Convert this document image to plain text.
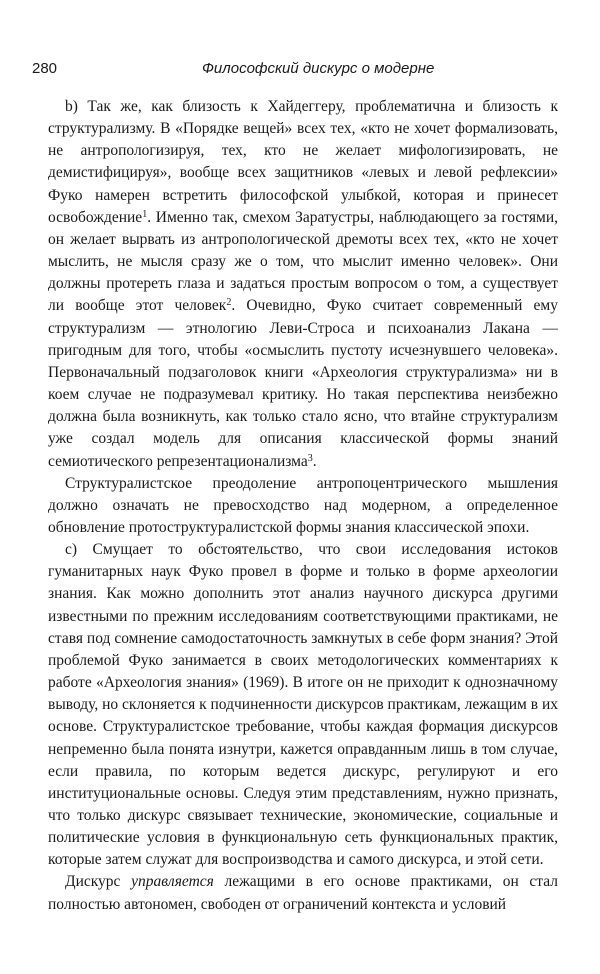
280	Философский дискурс о модерне

b) Так же, как близость к Хайдеггеру, проблематична и близость к структурализму. В «Порядке вещей» всех тех, «кто не хочет формализовать, не антропологизируя, тех, кто не желает мифологизировать, не демистифицируя», вообще всех защитников «левых и левой рефлексии» Фуко намерен встретить философской улыбкой, которая и принесет освобождение$^1$. Именно так, смехом Заратустры, наблюдающего за гостями, он желает вырвать из антропологической дремоты всех тех, «кто не хочет мыслить, не мысля сразу же о том, что мыслит именно человек». Они должны протереть глаза и задаться простым вопросом о том, а существует ли вообще этот человек$^2$. Очевидно, Фуко считает современный ему структурализм — этнологию Леви-Строса и психоанализ Лакана — пригодным для того, чтобы «осмыслить пустоту исчезнувшего человека». Первоначальный подзаголовок книги «Археология структурализма» ни в коем случае не подразумевал критику. Но такая перспектива неизбежно должна была возникнуть, как только стало ясно, что втайне структурализм уже создал модель для описания классической формы знаний семиотического репрезентационализма$^3$.

Структуралистское преодоление антропоцентрического мышления должно означать не превосходство над модерном, а определенное обновление протоструктуралистской формы знания классической эпохи.

c) Смущает то обстоятельство, что свои исследования истоков гуманитарных наук Фуко провел в форме и только в форме археологии знания. Как можно дополнить этот анализ научного дискурса другими известными по прежним исследованиям соответствующими практиками, не ставя под сомнение самодостаточность замкнутых в себе форм знания? Этой проблемой Фуко занимается в своих методологических комментариях к работе «Археология знания» (1969). В итоге он не приходит к однозначному выводу, но склоняется к подчиненности дискурсов практикам, лежащим в их основе. Структуралистское требование, чтобы каждая формация дискурсов непременно была понята изнутри, кажется оправданным лишь в том случае, если правила, по которым ведется дискурс, регулируют и его институциональные основы. Следуя этим представлениям, нужно признать, что только дискурс связывает технические, экономические, социальные и политические условия в функциональную сеть функциональных практик, которые затем служат для воспроизводства и самого дискурса, и этой сети.

Дискурс управляется лежащими в его основе практиками, он стал полностью автономен, свободен от ограничений контекста и условий
